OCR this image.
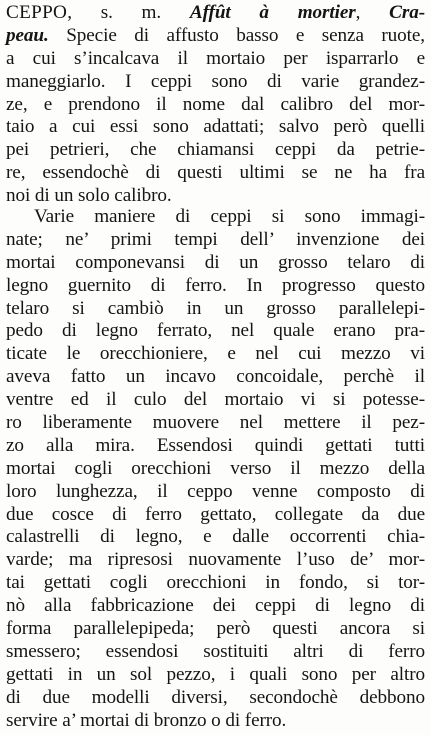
CEPPO, s. m. Affût à mortier, Cra-
peau. Specie di affusto basso e senza ruote,
a cui s’incalcava il mortaio per isparrarlo e
maneggiarlo. I ceppi sono di varie grandez-
ze, e prendono il nome dal calibro del mor-
taio a cui essi sono adattati; salvo però quelli
pei petrieri, che chiamansi ceppi da petrie-
re, essendochè di questi ultimi se ne ha fra
noi di un solo calibro.
Varie maniere di ceppi si sono immagi-
nate; ne’ primi tempi dell’ invenzione dei
mortai componevansi di un grosso telaro di
legno guernito di ferro. In progresso questo
telaro si cambiò in un grosso parallelepi-
pedo di legno ferrato, nel quale erano pra-
ticate le orecchioniere, e nel cui mezzo vi
aveva fatto un incavo concoidale, perchè il
ventre ed il culo del mortaio vi si potesse-
ro liberamente muovere nel mettere il pez-
zo alla mira. Essendosi quindi gettati tutti
mortai cogli orecchioni verso il mezzo della
loro lunghezza, il ceppo venne composto di
due cosce di ferro gettato, collegate da due
calastrelli di legno, e dalle occorrenti chia-
varde; ma ripresosi nuovamente l’uso de’ mor-
tai gettati cogli orecchioni in fondo, si tor-
nò alla fabbricazione dei ceppi di legno di
forma parallelepipeda; però questi ancora si
smessero; essendosi sostituiti altri di ferro
gettati in un sol pezzo, i quali sono per altro
di due modelli diversi, secondochè debbono
servire a’ mortai di bronzo o di ferro.
